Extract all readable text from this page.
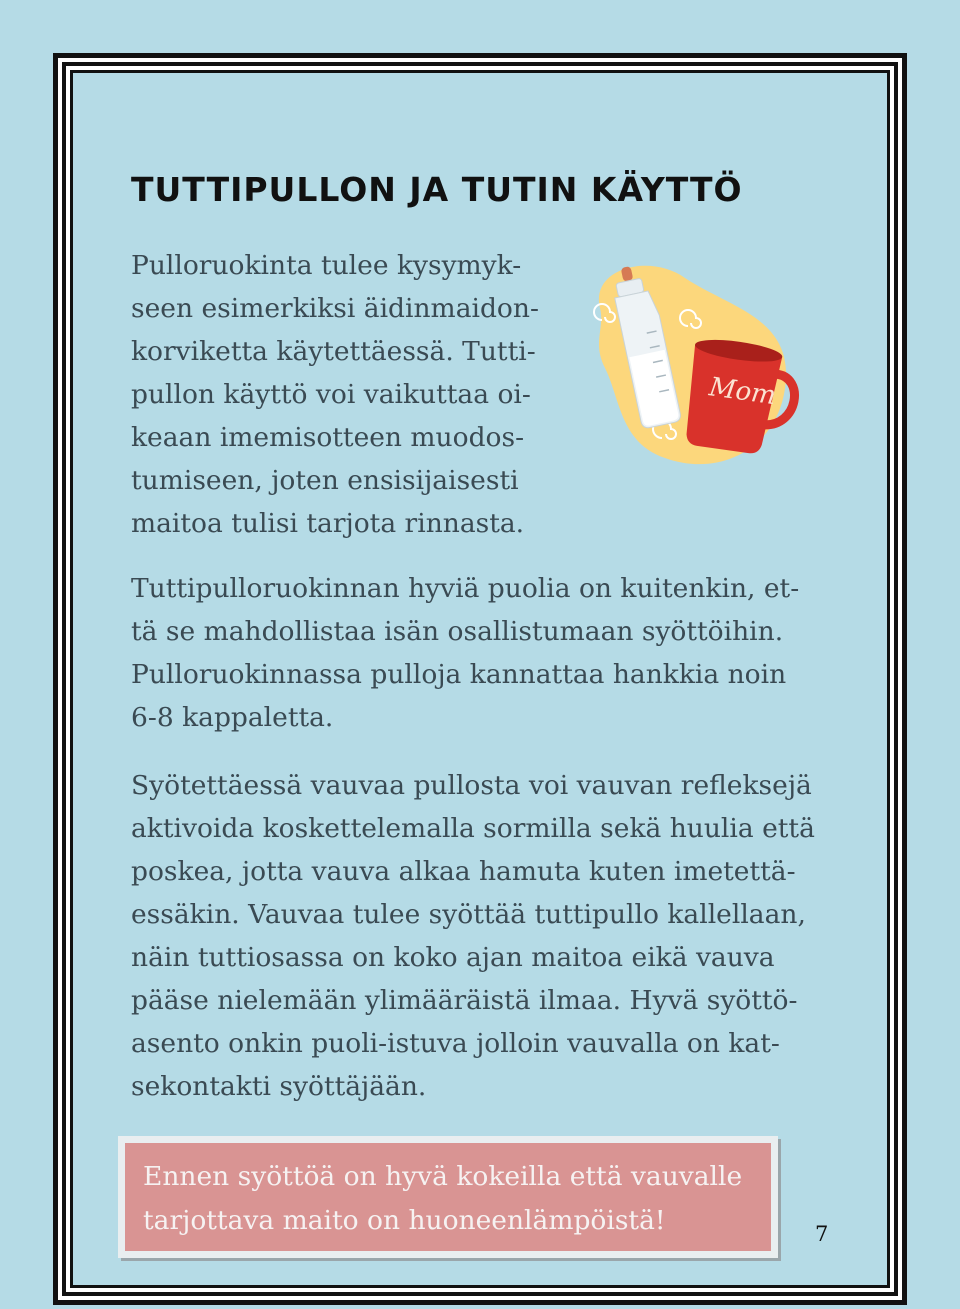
TUTTIPULLON JA TUTIN KÄYTTÖ

Pulloruokinta tulee kysymyk-
seen esimerkiksi äidinmaidon-
korviketta käytettäessä. Tutti-
pullon käyttö voi vaikuttaa oi-
keaan imemisotteen muodos-
tumiseen, joten ensisijaisesti
maitoa tulisi tarjota rinnasta.

Mom

Tuttipulloruokinnan hyviä puolia on kuitenkin, et-
tä se mahdollistaa isän osallistumaan syöttöihin.
Pulloruokinnassa pulloja kannattaa hankkia noin
6-8 kappaletta.

Syötettäessä vauvaa pullosta voi vauvan refleksejä
aktivoida koskettelemalla sormilla sekä huulia että
poskea, jotta vauva alkaa hamuta kuten imetettä-
essäkin. Vauvaa tulee syöttää tuttipullo kallellaan,
näin tuttiosassa on koko ajan maitoa eikä vauva
pääse nielemään ylimääräistä ilmaa. Hyvä syöttö-
asento onkin puoli-istuva jolloin vauvalla on kat-
sekontakti syöttäjään.

Ennen syöttöä on hyvä kokeilla että vauvalle
tarjottava maito on huoneenlämpöistä!	7
